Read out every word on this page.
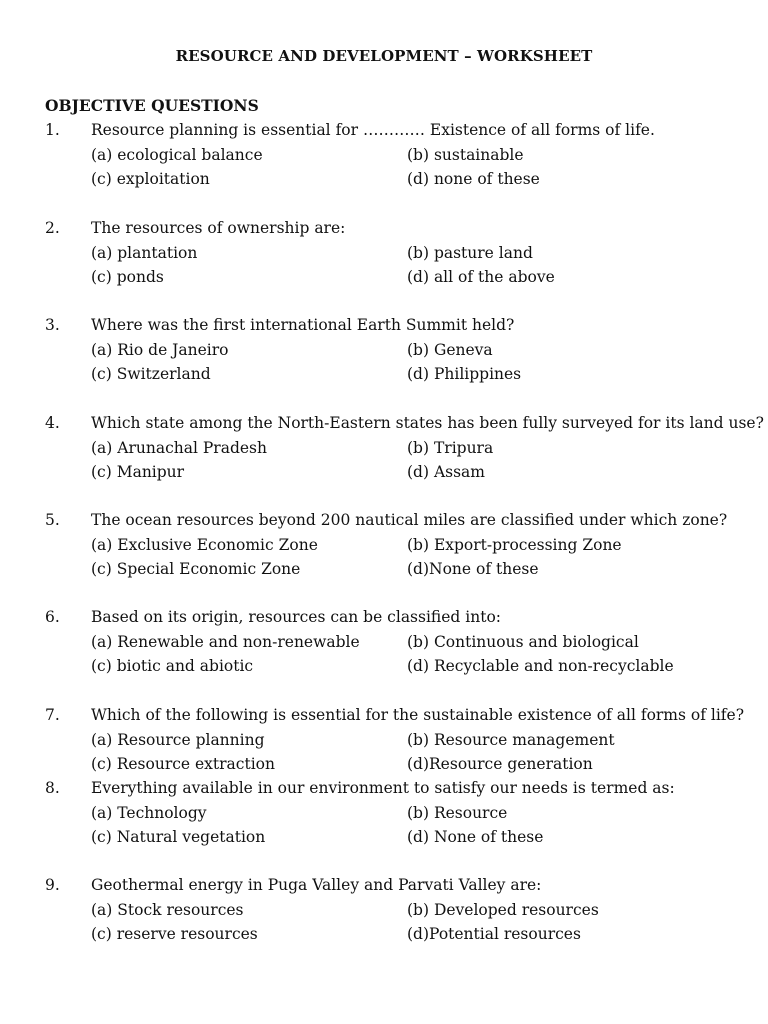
RESOURCE AND DEVELOPMENT – WORKSHEET
OBJECTIVE QUESTIONS
1. Resource planning is essential for ………… Existence of all forms of life.
(a) ecological balance	(b) sustainable
(c) exploitation	(d) none of these
2. The resources of ownership are:
(a) plantation	(b) pasture land
(c) ponds	(d) all of the above
3. Where was the first international Earth Summit held?
(a) Rio de Janeiro	(b) Geneva
(c) Switzerland	(d) Philippines
4. Which state among the North-Eastern states has been fully surveyed for its land use?
(a) Arunachal Pradesh	(b) Tripura
(c) Manipur	(d) Assam
5. The ocean resources beyond 200 nautical miles are classified under which zone?
(a) Exclusive Economic Zone	(b) Export-processing Zone
(c) Special Economic Zone	(d)None of these
6. Based on its origin, resources can be classified into:
(a) Renewable and non-renewable	(b) Continuous and biological
(c) biotic and abiotic	(d) Recyclable and non-recyclable
7. Which of the following is essential for the sustainable existence of all forms of life?
(a) Resource planning	(b) Resource management
(c) Resource extraction	(d)Resource generation
8. Everything available in our environment to satisfy our needs is termed as:
(a) Technology	(b) Resource
(c) Natural vegetation	(d) None of these
9. Geothermal energy in Puga Valley and Parvati Valley are:
(a) Stock resources	(b) Developed resources
(c) reserve resources	(d)Potential resources
